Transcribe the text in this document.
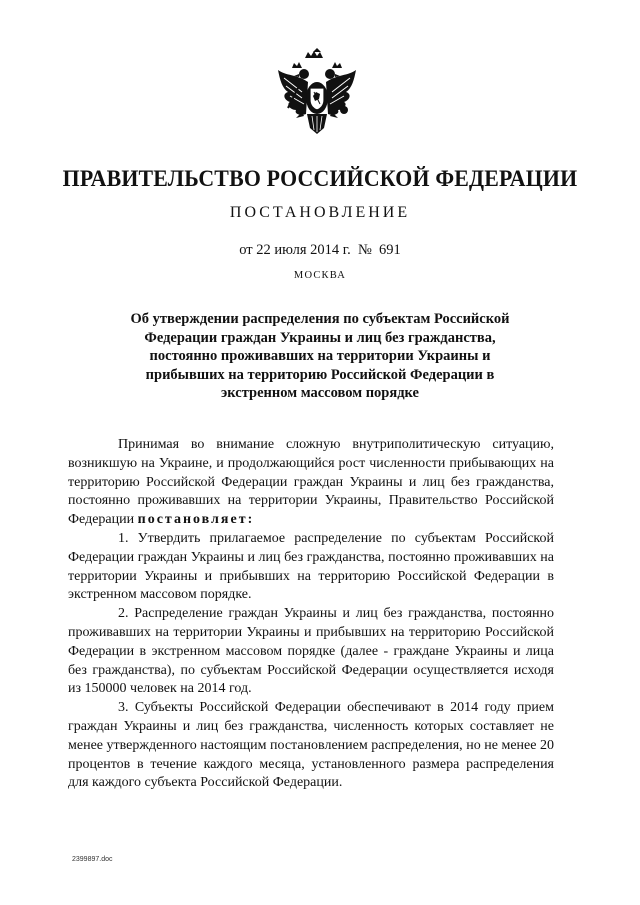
ПРАВИТЕЛЬСТВО РОССИЙСКОЙ ФЕДЕРАЦИИ
ПОСТАНОВЛЕНИЕ
от 22 июля 2014 г.  №  691
МОСКВА
Об утверждении распределения по субъектам Российской Федерации граждан Украины и лиц без гражданства, постоянно проживавших на территории Украины и прибывших на территорию Российской Федерации в экстренном массовом порядке

Принимая во внимание сложную внутриполитическую ситуацию, возникшую на Украине, и продолжающийся рост численности прибывающих на территорию Российской Федерации граждан Украины и лиц без гражданства, постоянно проживавших на территории Украины, Правительство Российской Федерации постановляет:

1. Утвердить прилагаемое распределение по субъектам Российской Федерации граждан Украины и лиц без гражданства, постоянно проживавших на территории Украины и прибывших на территорию Российской Федерации в экстренном массовом порядке.

2. Распределение граждан Украины и лиц без гражданства, постоянно проживавших на территории Украины и прибывших на территорию Российской Федерации в экстренном массовом порядке (далее - граждане Украины и лица без гражданства), по субъектам Российской Федерации осуществляется исходя из 150000 человек на 2014 год.

3. Субъекты Российской Федерации обеспечивают в 2014 году прием граждан Украины и лиц без гражданства, численность которых составляет не менее утвержденного настоящим постановлением распределения, но не менее 20 процентов в течение каждого месяца, установленного размера распределения для каждого субъекта Российской Федерации.

2399897.doc
